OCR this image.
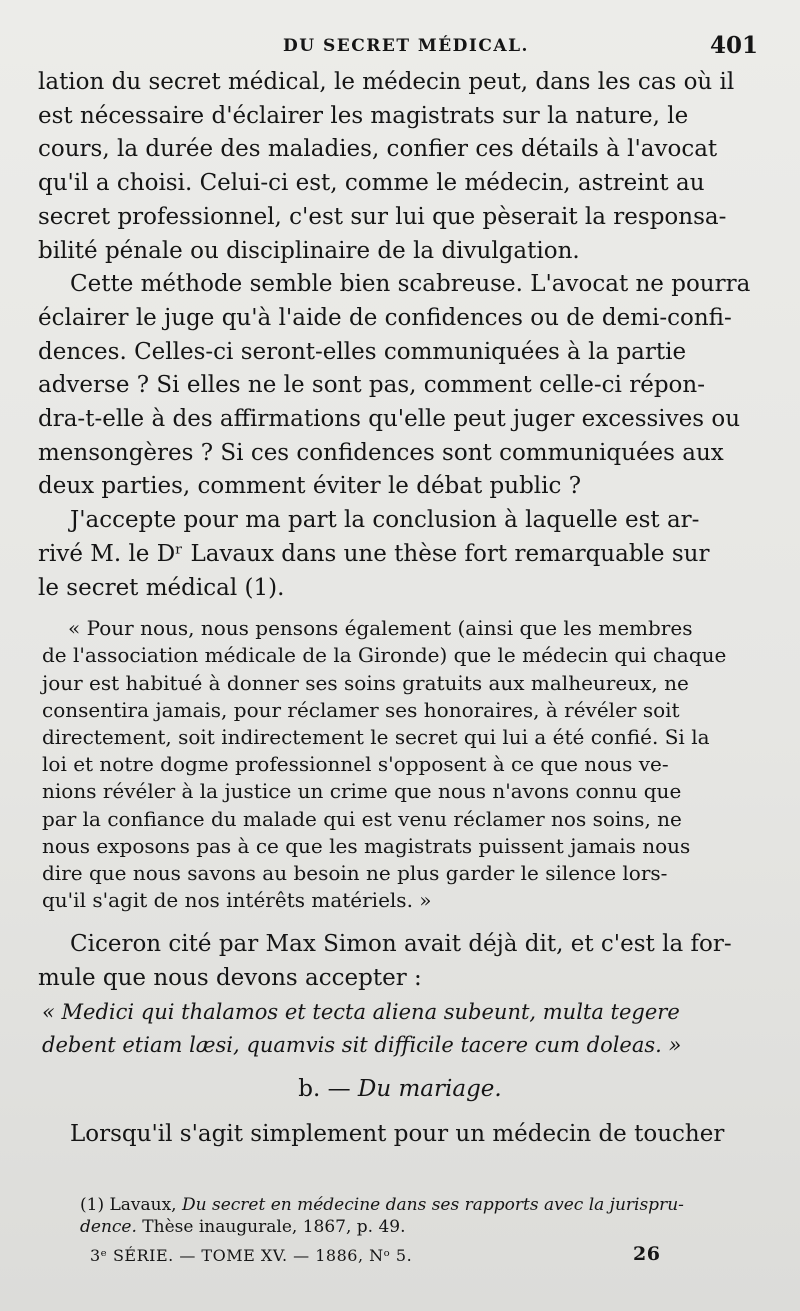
DU SECRET MÉDICAL.	401

lation du secret médical, le médecin peut, dans les cas où il
est nécessaire d'éclairer les magistrats sur la nature, le
cours, la durée des maladies, confier ces détails à l'avocat
qu'il a choisi. Celui-ci est, comme le médecin, astreint au
secret professionnel, c'est sur lui que pèserait la responsa-
bilité pénale ou disciplinaire de la divulgation.

Cette méthode semble bien scabreuse. L'avocat ne pourra
éclairer le juge qu'à l'aide de confidences ou de demi-confi-
dences. Celles-ci seront-elles communiquées à la partie
adverse ? Si elles ne le sont pas, comment celle-ci répon-
dra-t-elle à des affirmations qu'elle peut juger excessives ou
mensongères ? Si ces confidences sont communiquées aux
deux parties, comment éviter le débat public ?

J'accepte pour ma part la conclusion à laquelle est ar-
rivé M. le Dʳ Lavaux dans une thèse fort remarquable sur
le secret médical (1).

« Pour nous, nous pensons également (ainsi que les membres
de l'association médicale de la Gironde) que le médecin qui chaque
jour est habitué à donner ses soins gratuits aux malheureux, ne
consentira jamais, pour réclamer ses honoraires, à révéler soit
directement, soit indirectement le secret qui lui a été confié. Si la
loi et notre dogme professionnel s'opposent à ce que nous ve-
nions révéler à la justice un crime que nous n'avons connu que
par la confiance du malade qui est venu réclamer nos soins, ne
nous exposons pas à ce que les magistrats puissent jamais nous
dire que nous savons au besoin ne plus garder le silence lors-
qu'il s'agit de nos intérêts matériels. »

Ciceron cité par Max Simon avait déjà dit, et c'est la for-
mule que nous devons accepter :

« Medici qui thalamos et tecta aliena subeunt, multa tegere
debent etiam læsi, quamvis sit difficile tacere cum doleas. »

b. — Du mariage.

Lorsqu'il s'agit simplement pour un médecin de toucher

(1) Lavaux, Du secret en médecine dans ses rapports avec la jurispru-
dence. Thèse inaugurale, 1867, p. 49.
3ᵉ SÉRIE. — TOME XV. — 1886, Nᵒ 5.	26
